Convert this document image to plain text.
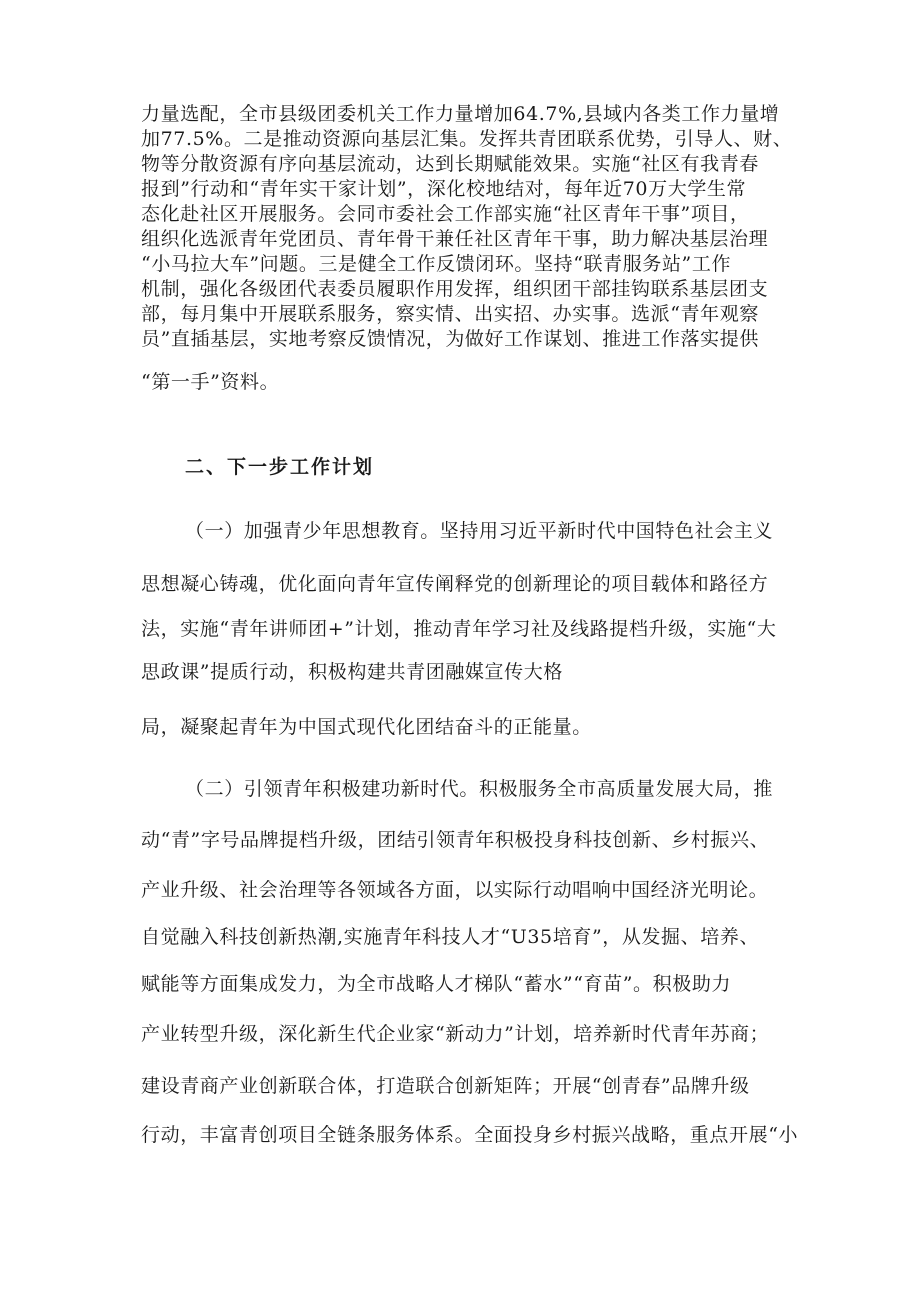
力量选配，全市县级团委机关工作力量增加64.7%,县域内各类工作力量增
加77.5%。二是推动资源向基层汇集。发挥共青团联系优势，引导人、财、
物等分散资源有序向基层流动，达到长期赋能效果。实施“社区有我青春
报到”行动和“青年实干家计划”，深化校地结对，每年近70万大学生常
态化赴社区开展服务。会同市委社会工作部实施“社区青年干事”项目，
组织化选派青年党团员、青年骨干兼任社区青年干事，助力解决基层治理
“小马拉大车”问题。三是健全工作反馈闭环。坚持“联青服务站”工作
机制，强化各级团代表委员履职作用发挥，组织团干部挂钩联系基层团支
部，每月集中开展联系服务，察实情、出实招、办实事。选派“青年观察
员”直插基层，实地考察反馈情况，为做好工作谋划、推进工作落实提供
“第一手”资料。
二、下一步工作计划
（一）加强青少年思想教育。坚持用习近平新时代中国特色社会主义
思想凝心铸魂，优化面向青年宣传阐释党的创新理论的项目载体和路径方
法，实施“青年讲师团+”计划，推动青年学习社及线路提档升级，实施“大
思政课”提质行动，积极构建共青团融媒宣传大格
局，凝聚起青年为中国式现代化团结奋斗的正能量。
（二）引领青年积极建功新时代。积极服务全市高质量发展大局，推
动“青”字号品牌提档升级，团结引领青年积极投身科技创新、乡村振兴、
产业升级、社会治理等各领域各方面，以实际行动唱响中国经济光明论。
自觉融入科技创新热潮,实施青年科技人才“U35培育”，从发掘、培养、
赋能等方面集成发力，为全市战略人才梯队“蓄水”“育苗”。积极助力
产业转型升级，深化新生代企业家“新动力”计划，培养新时代青年苏商；
建设青商产业创新联合体，打造联合创新矩阵；开展“创青春”品牌升级
行动，丰富青创项目全链条服务体系。全面投身乡村振兴战略，重点开展“小
